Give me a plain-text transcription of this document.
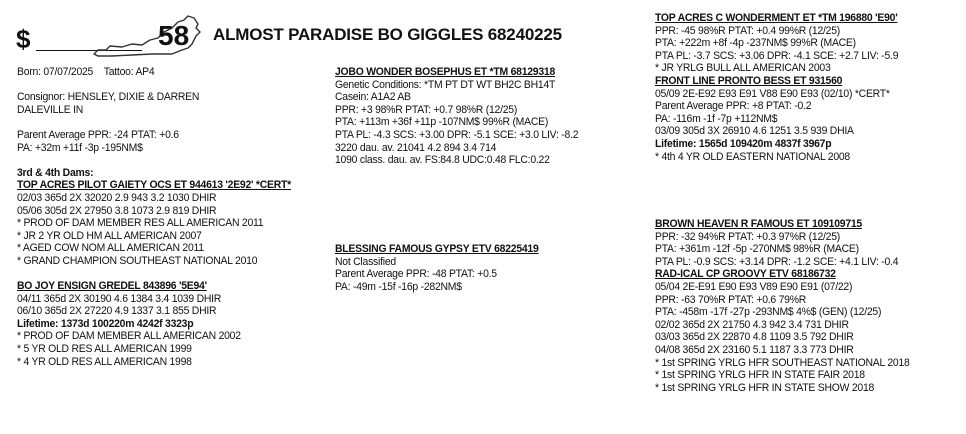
$	58 ALMOST PARADISE BO GIGGLES 68240225
Born: 07/07/2025 Tattoo: AP4
Consignor: HENSLEY, DIXIE & DARREN
DALEVILLE IN
Parent Average PPR: -24 PTAT: +0.6
PA: +32m +11f -3p -195NM$
3rd & 4th Dams:
TOP ACRES PILOT GAIETY OCS ET 944613 '2E92' *CERT*
02/03 365d 2X 32020 2.9 943 3.2 1030 DHIR
05/06 305d 2X 27950 3.8 1073 2.9 819 DHIR
* PROD OF DAM MEMBER RES ALL AMERICAN 2011
* JR 2 YR OLD HM ALL AMERICAN 2007
* AGED COW NOM ALL AMERICAN 2011
* GRAND CHAMPION SOUTHEAST NATIONAL 2010
BO JOY ENSIGN GREDEL 843896 '5E94'
04/11 365d 2X 30190 4.6 1384 3.4 1039 DHIR
06/10 365d 2X 27220 4.9 1337 3.1 855 DHIR
Lifetime: 1373d 100220m 4242f 3323p
* PROD OF DAM MEMBER ALL AMERICAN 2002
* 5 YR OLD RES ALL AMERICAN 1999
* 4 YR OLD RES ALL AMERICAN 1998
JOBO WONDER BOSEPHUS ET *TM 68129318
Genetic Conditions: *TM PT DT WT BH2C BH14T
Casein: A1A2 AB
PPR: +3 98%R PTAT: +0.7 98%R (12/25)
PTA: +113m +36f +11p -107NM$ 99%R (MACE)
PTA PL: -4.3 SCS: +3.00 DPR: -5.1 SCE: +3.0 LIV: -8.2
3220 dau. av. 21041 4.2 894 3.4 714
1090 class. dau. av. FS:84.8 UDC:0.48 FLC:0.22
BLESSING FAMOUS GYPSY ETV 68225419
Not Classified
Parent Average PPR: -48 PTAT: +0.5
PA: -49m -15f -16p -282NM$
TOP ACRES C WONDERMENT ET *TM 196880 'E90'
PPR: -45 98%R PTAT: +0.4 99%R (12/25)
PTA: +222m +8f -4p -237NM$ 99%R (MACE)
PTA PL: -3.7 SCS: +3.06 DPR: -4.1 SCE: +2.7 LIV: -5.9
* JR YRLG BULL ALL AMERICAN 2003
FRONT LINE PRONTO BESS ET 931560
05/09 2E-E92 E93 E91 V88 E90 E93 (02/10) *CERT*
Parent Average PPR: +8 PTAT: -0.2
PA: -116m -1f -7p +112NM$
03/09 305d 3X 26910 4.6 1251 3.5 939 DHIA
Lifetime: 1565d 109420m 4837f 3967p
* 4th 4 YR OLD EASTERN NATIONAL 2008
BROWN HEAVEN R FAMOUS ET 109109715
PPR: -32 94%R PTAT: +0.3 97%R (12/25)
PTA: +361m -12f -5p -270NM$ 98%R (MACE)
PTA PL: -0.9 SCS: +3.14 DPR: -1.2 SCE: +4.1 LIV: -0.4
RAD-ICAL CP GROOVY ETV 68186732
05/04 2E-E91 E90 E93 V89 E90 E91 (07/22)
PPR: -63 70%R PTAT: +0.6 79%R
PTA: -458m -17f -27p -293NM$ 4%$ (GEN) (12/25)
02/02 365d 2X 21750 4.3 942 3.4 731 DHIR
03/03 365d 2X 22870 4.8 1109 3.5 792 DHIR
04/08 365d 2X 23160 5.1 1187 3.3 773 DHIR
* 1st SPRING YRLG HFR SOUTHEAST NATIONAL 2018
* 1st SPRING YRLG HFR IN STATE FAIR 2018
* 1st SPRING YRLG HFR IN STATE SHOW 2018
